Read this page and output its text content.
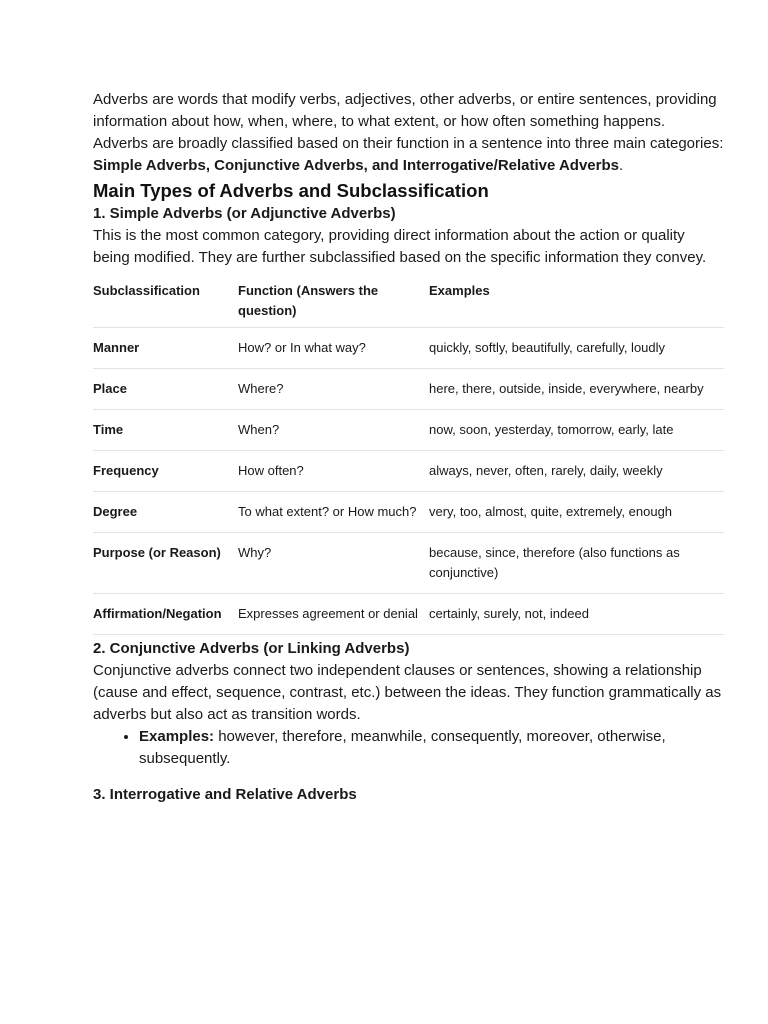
Adverbs are words that modify verbs, adjectives, other adverbs, or entire sentences, providing information about how, when, where, to what extent, or how often something happens.

Adverbs are broadly classified based on their function in a sentence into three main categories: Simple Adverbs, Conjunctive Adverbs, and Interrogative/Relative Adverbs.

Main Types of Adverbs and Subclassification
1. Simple Adverbs (or Adjunctive Adverbs)

This is the most common category, providing direct information about the action or quality being modified. They are further subclassified based on the specific information they convey.

Subclassification	Function (Answers the question)	Examples
Manner	How? or In what way?	quickly, softly, beautifully, carefully, loudly
Place	Where?	here, there, outside, inside, everywhere, nearby
Time	When?	now, soon, yesterday, tomorrow, early, late
Frequency	How often?	always, never, often, rarely, daily, weekly
Degree	To what extent? or How much?	very, too, almost, quite, extremely, enough
Purpose (or Reason)	Why?	because, since, therefore (also functions as conjunctive)
Affirmation/Negation	Expresses agreement or denial	certainly, surely, not, indeed
2. Conjunctive Adverbs (or Linking Adverbs)

Conjunctive adverbs connect two independent clauses or sentences, showing a relationship (cause and effect, sequence, contrast, etc.) between the ideas. They function grammatically as adverbs but also act as transition words.

• Examples: however, therefore, meanwhile, consequently, moreover, otherwise, subsequently.
3. Interrogative and Relative Adverbs
